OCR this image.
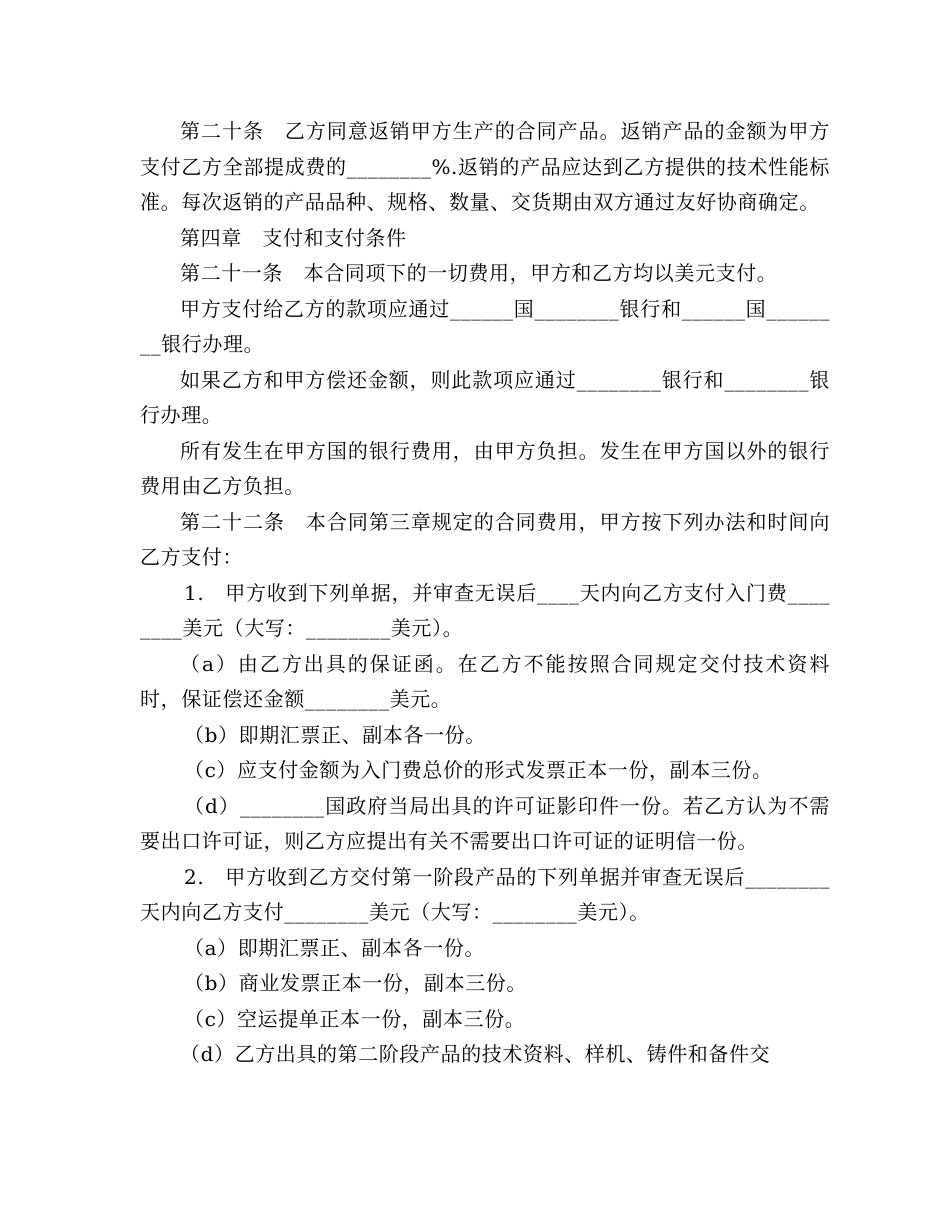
第二十条　乙方同意返销甲方生产的合同产品。返销产品的金额为甲方支付乙方全部提成费的________%.返销的产品应达到乙方提供的技术性能标准。每次返销的产品品种、规格、数量、交货期由双方通过友好协商确定。

第四章　支付和支付条件

第二十一条　本合同项下的一切费用，甲方和乙方均以美元支付。

甲方支付给乙方的款项应通过______国________银行和______国________银行办理。

如果乙方和甲方偿还金额，则此款项应通过________银行和________银行办理。

所有发生在甲方国的银行费用，由甲方负担。发生在甲方国以外的银行费用由乙方负担。

第二十二条　本合同第三章规定的合同费用，甲方按下列办法和时间向乙方支付：

1.　甲方收到下列单据，并审查无误后____天内向乙方支付入门费________美元（大写：________美元）。

（a）由乙方出具的保证函。在乙方不能按照合同规定交付技术资料时，保证偿还金额________美元。

（b）即期汇票正、副本各一份。

（c）应支付金额为入门费总价的形式发票正本一份，副本三份。

（d）________国政府当局出具的许可证影印件一份。若乙方认为不需要出口许可证，则乙方应提出有关不需要出口许可证的证明信一份。

2.　甲方收到乙方交付第一阶段产品的下列单据并审查无误后________天内向乙方支付________美元（大写：________美元）。

（a）即期汇票正、副本各一份。

（b）商业发票正本一份，副本三份。

（c）空运提单正本一份，副本三份。

（d）乙方出具的第二阶段产品的技术资料、样机、铸件和备件交
